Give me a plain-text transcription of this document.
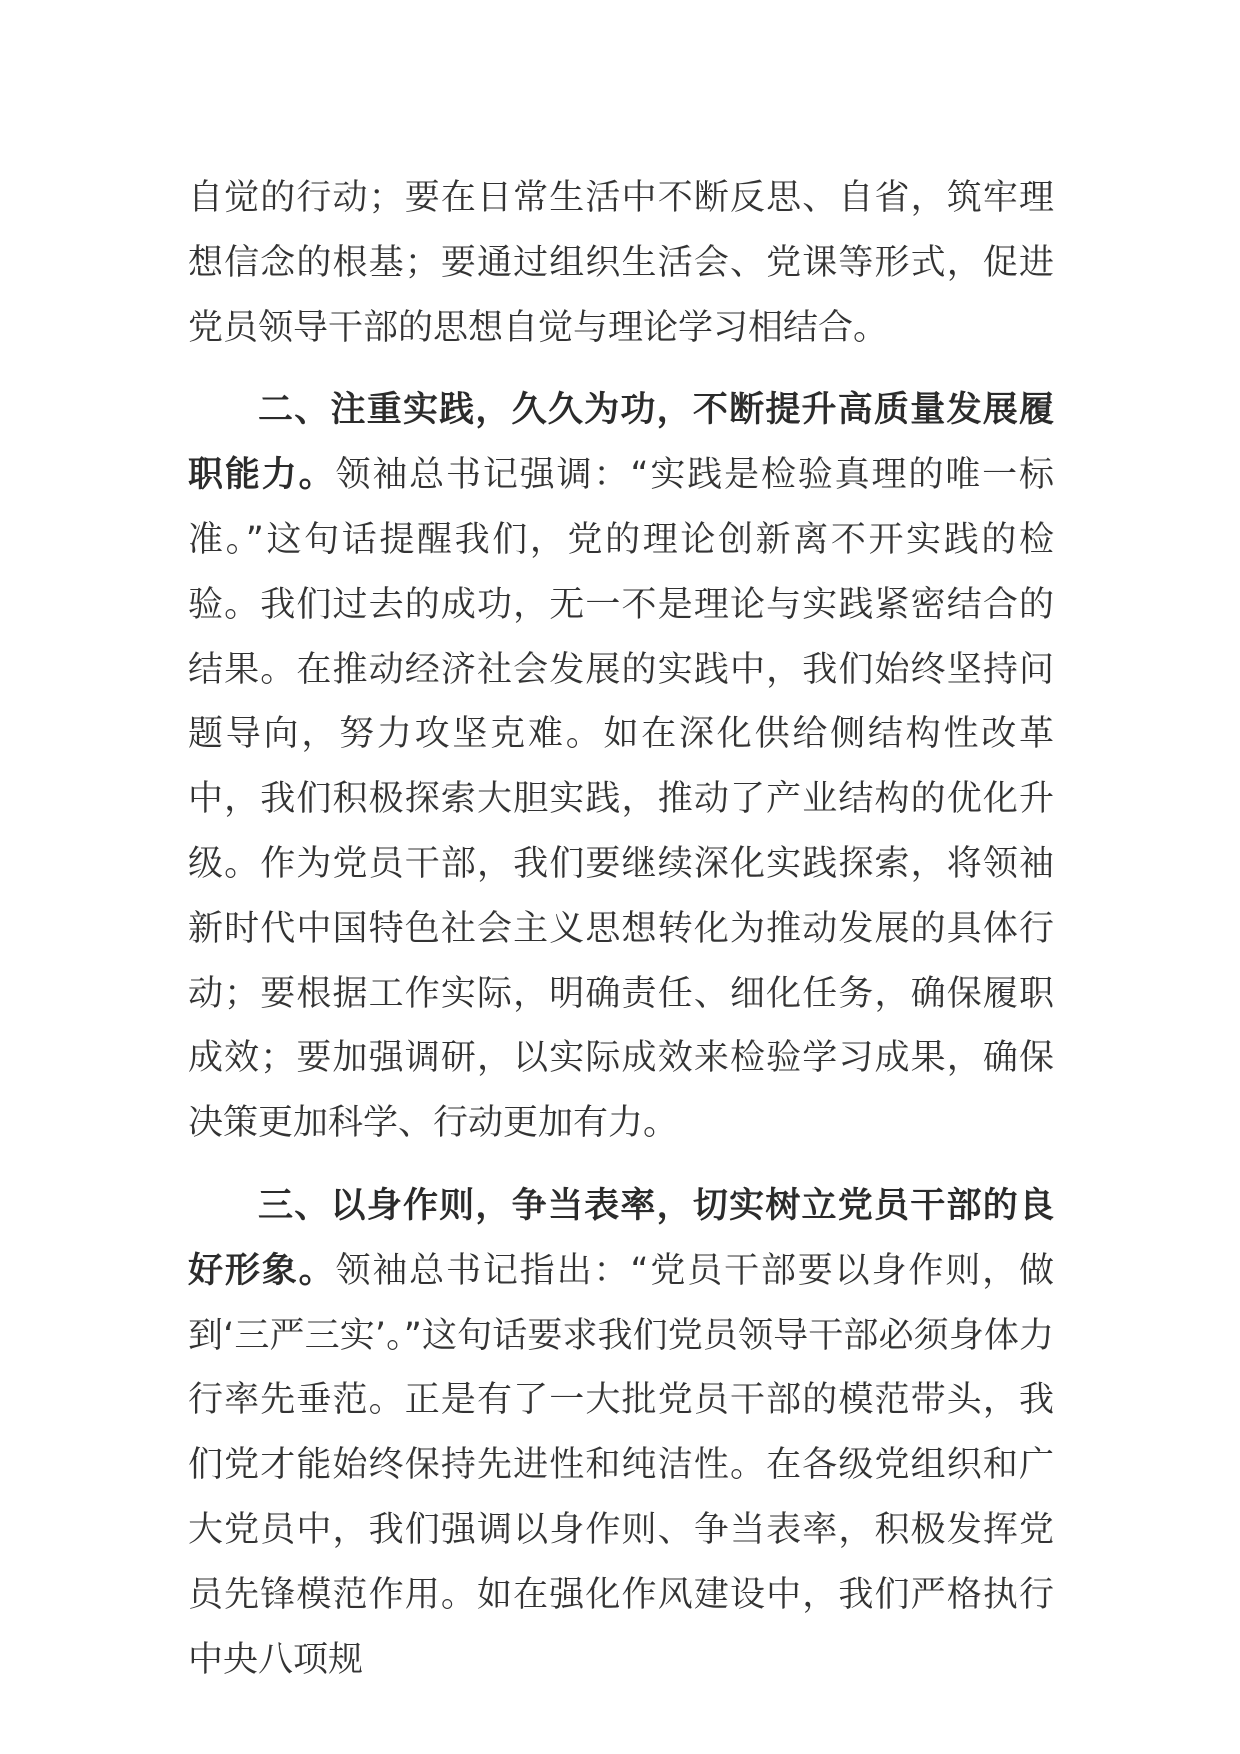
自觉的行动；要在日常生活中不断反思、自省，筑牢理想信念的根基；要通过组织生活会、党课等形式，促进党员领导干部的思想自觉与理论学习相结合。

二、注重实践，久久为功，不断提升高质量发展履职能力。领袖总书记强调：“实践是检验真理的唯一标准。”这句话提醒我们，党的理论创新离不开实践的检验。我们过去的成功，无一不是理论与实践紧密结合的结果。在推动经济社会发展的实践中，我们始终坚持问题导向，努力攻坚克难。如在深化供给侧结构性改革中，我们积极探索大胆实践，推动了产业结构的优化升级。作为党员干部，我们要继续深化实践探索，将领袖新时代中国特色社会主义思想转化为推动发展的具体行动；要根据工作实际，明确责任、细化任务，确保履职成效；要加强调研，以实际成效来检验学习成果，确保决策更加科学、行动更加有力。

三、以身作则，争当表率，切实树立党员干部的良好形象。领袖总书记指出：“党员干部要以身作则，做到‘三严三实’。”这句话要求我们党员领导干部必须身体力行率先垂范。正是有了一大批党员干部的模范带头，我们党才能始终保持先进性和纯洁性。在各级党组织和广大党员中，我们强调以身作则、争当表率，积极发挥党员先锋模范作用。如在强化作风建设中，我们严格执行中央八项规
